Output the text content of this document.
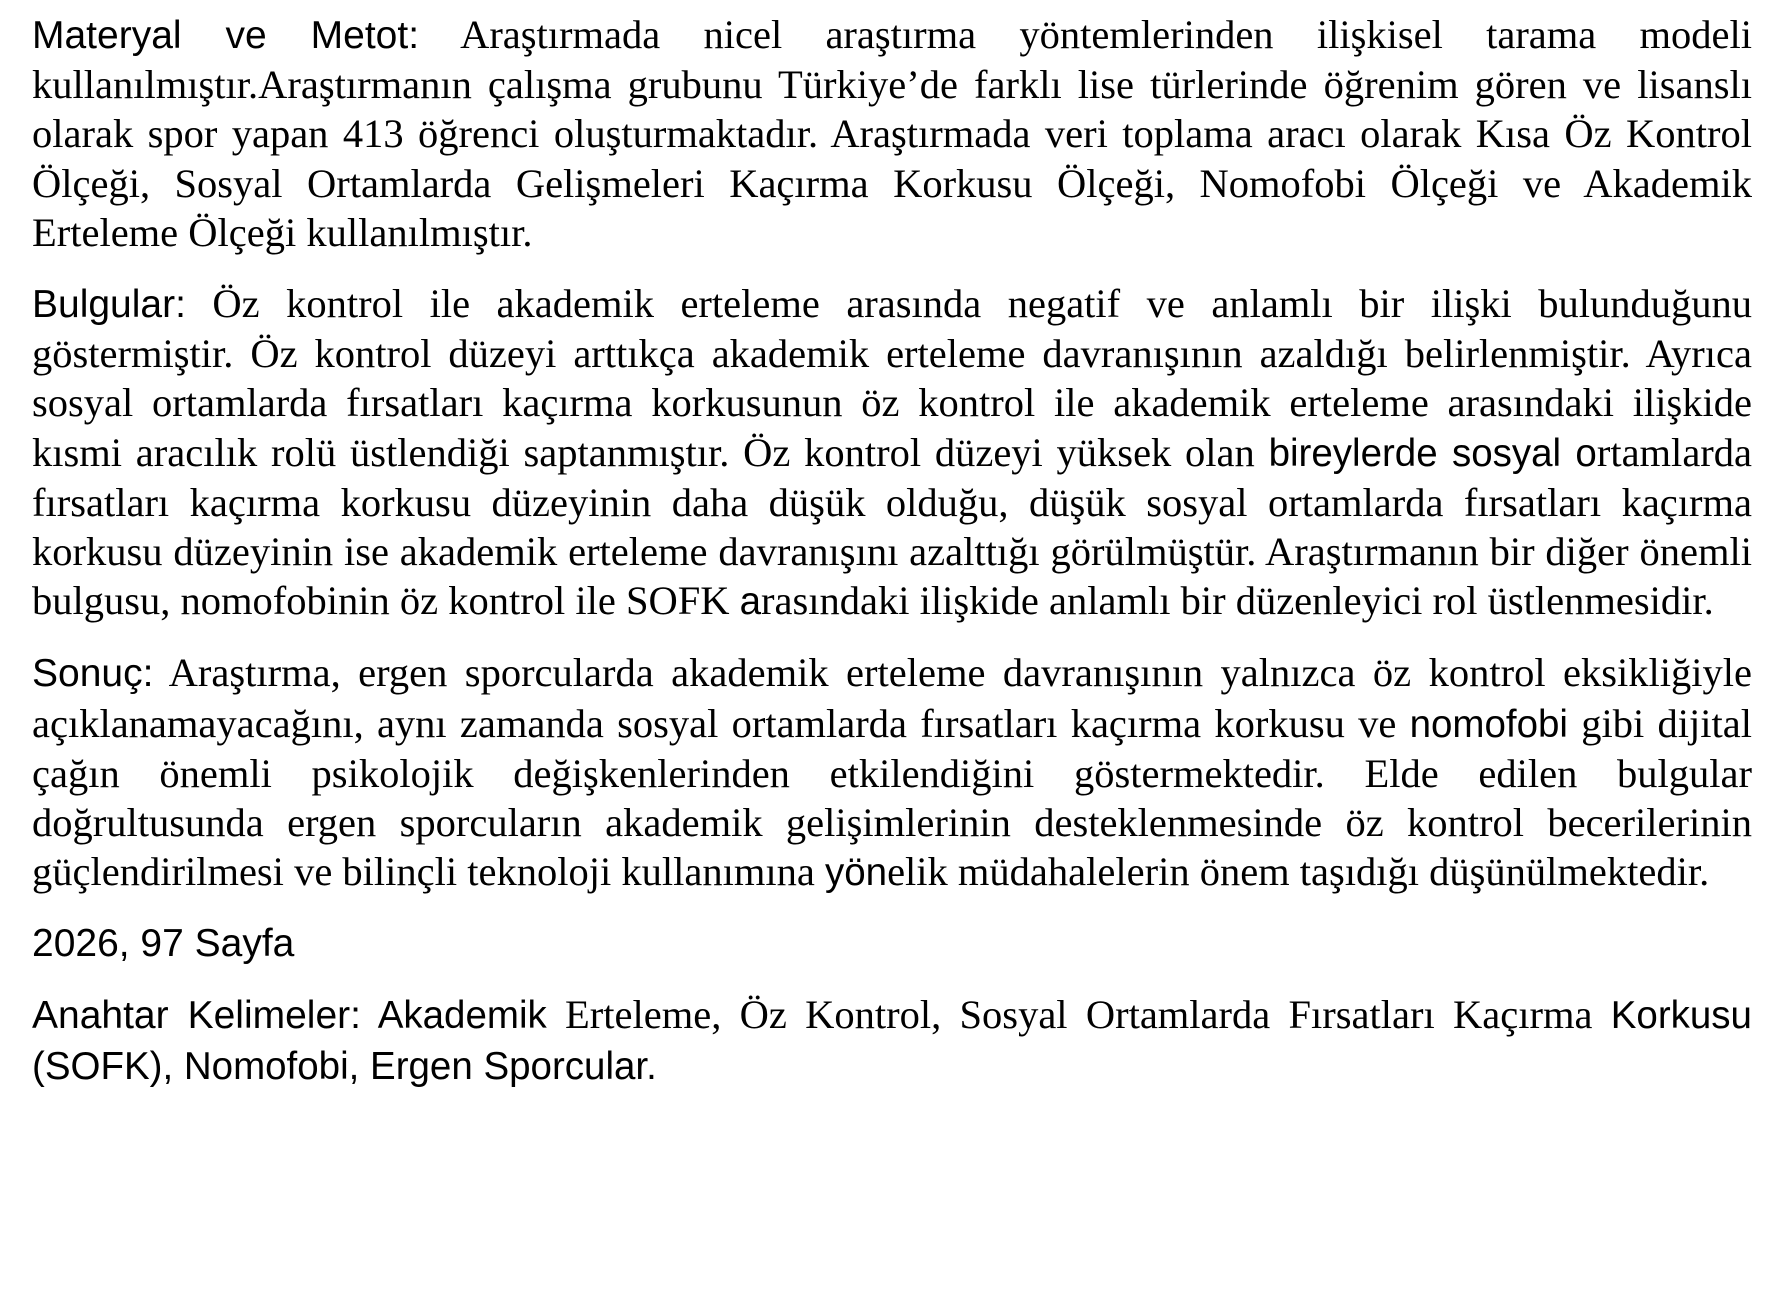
Materyal ve Metot: Araştırmada nicel araştırma yöntemlerinden ilişkisel tarama modeli kullanılmıştır.Araştırmanın çalışma grubunu Türkiye’de farklı lise türlerinde öğrenim gören ve lisanslı olarak spor yapan 413 öğrenci oluşturmaktadır. Araştırmada veri toplama aracı olarak Kısa Öz Kontrol Ölçeği, Sosyal Ortamlarda Gelişmeleri Kaçırma Korkusu Ölçeği, Nomofobi Ölçeği ve Akademik Erteleme Ölçeği kullanılmıştır.

Bulgular: Öz kontrol ile akademik erteleme arasında negatif ve anlamlı bir ilişki bulunduğunu göstermiştir. Öz kontrol düzeyi arttıkça akademik erteleme davranışının azaldığı belirlenmiştir. Ayrıca sosyal ortamlarda fırsatları kaçırma korkusunun öz kontrol ile akademik erteleme arasındaki ilişkide kısmi aracılık rolü üstlendiği saptanmıştır. Öz kontrol düzeyi yüksek olan bireylerde sosyal ortamlarda fırsatları kaçırma korkusu düzeyinin daha düşük olduğu, düşük sosyal ortamlarda fırsatları kaçırma korkusu düzeyinin ise akademik erteleme davranışını azalttığı görülmüştür. Araştırmanın bir diğer önemli bulgusu, nomofobinin öz kontrol ile SOFK arasındaki ilişkide anlamlı bir düzenleyici rol üstlenmesidir.

Sonuç: Araştırma, ergen sporcularda akademik erteleme davranışının yalnızca öz kontrol eksikliğiyle açıklanamayacağını, aynı zamanda sosyal ortamlarda fırsatları kaçırma korkusu ve nomofobi gibi dijital çağın önemli psikolojik değişkenlerinden etkilendiğini göstermektedir. Elde edilen bulgular doğrultusunda ergen sporcuların akademik gelişimlerinin desteklenmesinde öz kontrol becerilerinin güçlendirilmesi ve bilinçli teknoloji kullanımına yönelik müdahalelerin önem taşıdığı düşünülmektedir.

2026, 97 Sayfa

Anahtar Kelimeler: Akademik Erteleme, Öz Kontrol, Sosyal Ortamlarda Fırsatları Kaçırma Korkusu (SOFK), Nomofobi, Ergen Sporcular.
